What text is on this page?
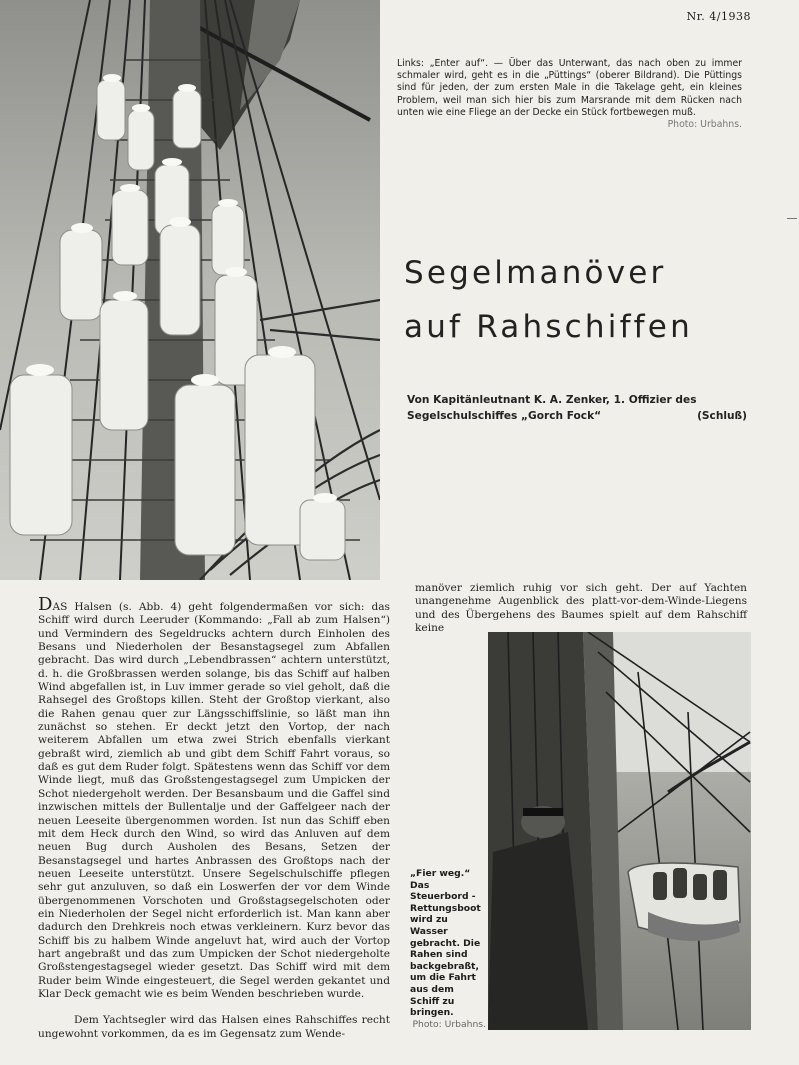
Nr. 4/1938
Links: „Enter auf“. — Über das Unterwant, das nach oben zu immer schmaler wird, geht es in die „Püttings“ (oberer Bildrand). Die Püttings sind für jeden, der zum ersten Male in die Takelage geht, ein kleines Problem, weil man sich hier bis zum Marsrande mit dem Rücken nach unten wie eine Fliege an der Decke ein Stück fortbewegen muß.
Photo: Urbahns.
Segelmanöver
auf Rahschiffen
Von Kapitänleutnant K. A. Zenker, 1. Offizier des Segelschulschiffes „Gorch Fock“	(Schluß)

DAS Halsen (s. Abb. 4) geht folgendermaßen vor sich: das Schiff wird durch Leeruder (Kommando: „Fall ab zum Halsen“) und Vermindern des Segeldrucks achtern durch Einholen des Besans und Niederholen der Besanstagsegel zum Abfallen gebracht. Das wird durch „Lebendbrassen“ achtern unterstützt, d. h. die Großbrassen werden solange, bis das Schiff auf halben Wind abgefallen ist, in Luv immer gerade so viel geholt, daß die Rahsegel des Großtops killen. Steht der Großtop vierkant, also die Rahen genau quer zur Längsschiffslinie, so läßt man ihn zunächst so stehen. Er deckt jetzt den Vortop, der nach weiterem Abfallen um etwa zwei Strich ebenfalls vierkant gebraßt wird, ziemlich ab und gibt dem Schiff Fahrt voraus, so daß es gut dem Ruder folgt. Spätestens wenn das Schiff vor dem Winde liegt, muß das Großstengestagsegel zum Umpicken der Schot niedergeholt werden. Der Besansbaum und die Gaffel sind inzwischen mittels der Bullentalje und der Gaffelgeer nach der neuen Leeseite übergenommen worden. Ist nun das Schiff eben mit dem Heck durch den Wind, so wird das Anluven auf dem neuen Bug durch Ausholen des Besans, Setzen der Besanstagsegel und hartes Anbrassen des Großtops nach der neuen Leeseite unterstützt. Unsere Segelschulschiffe pflegen sehr gut anzuluven, so daß ein Loswerfen der vor dem Winde übergenommenen Vorschoten und Großstagsegelschoten oder ein Niederholen der Segel nicht erforderlich ist. Man kann aber dadurch den Drehkreis noch etwas verkleinern. Kurz bevor das Schiff bis zu halbem Winde angeluvt hat, wird auch der Vortop hart angebraßt und das zum Umpicken der Schot niedergeholte Großstengestagsegel wieder gesetzt. Das Schiff wird mit dem Ruder beim Winde eingesteuert, die Segel werden gekantet und Klar Deck gemacht wie es beim Wenden beschrieben wurde.

Dem Yachtsegler wird das Halsen eines Rahschiffes recht ungewohnt vorkommen, da es im Gegensatz zum Wende-

manöver ziemlich ruhig vor sich geht. Der auf Yachten unangenehme Augenblick des platt-vor-dem-Winde-Liegens und des Übergehens des Baumes spielt auf dem Rahschiff keine

„Fier weg.“ Das Steuerbord - Rettungsboot wird zu Wasser gebracht. Die Rahen sind backgebraßt, um die Fahrt aus dem Schiff zu bringen.
Photo: Urbahns.
